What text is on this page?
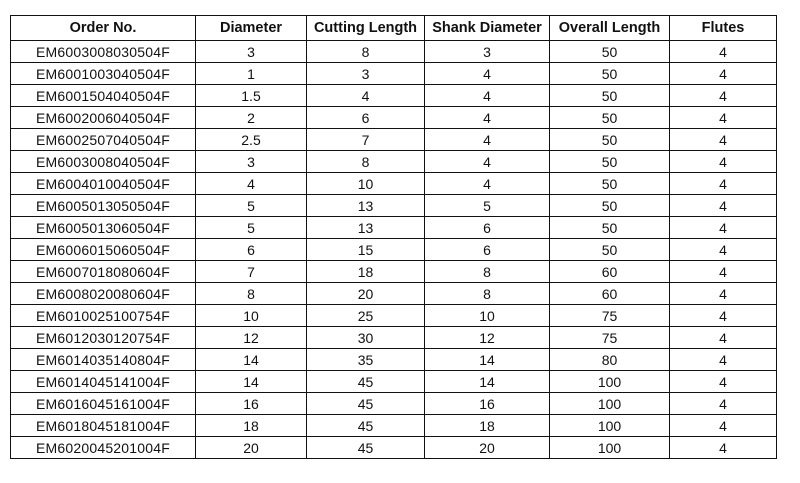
Order No.	Diameter	Cutting Length	Shank Diameter	Overall Length	Flutes
EM6003008030504F	3	8	3	50	4
EM6001003040504F	1	3	4	50	4
EM6001504040504F	1.5	4	4	50	4
EM6002006040504F	2	6	4	50	4
EM6002507040504F	2.5	7	4	50	4
EM6003008040504F	3	8	4	50	4
EM6004010040504F	4	10	4	50	4
EM6005013050504F	5	13	5	50	4
EM6005013060504F	5	13	6	50	4
EM6006015060504F	6	15	6	50	4
EM6007018080604F	7	18	8	60	4
EM6008020080604F	8	20	8	60	4
EM6010025100754F	10	25	10	75	4
EM6012030120754F	12	30	12	75	4
EM6014035140804F	14	35	14	80	4
EM6014045141004F	14	45	14	100	4
EM6016045161004F	16	45	16	100	4
EM6018045181004F	18	45	18	100	4
EM6020045201004F	20	45	20	100	4
